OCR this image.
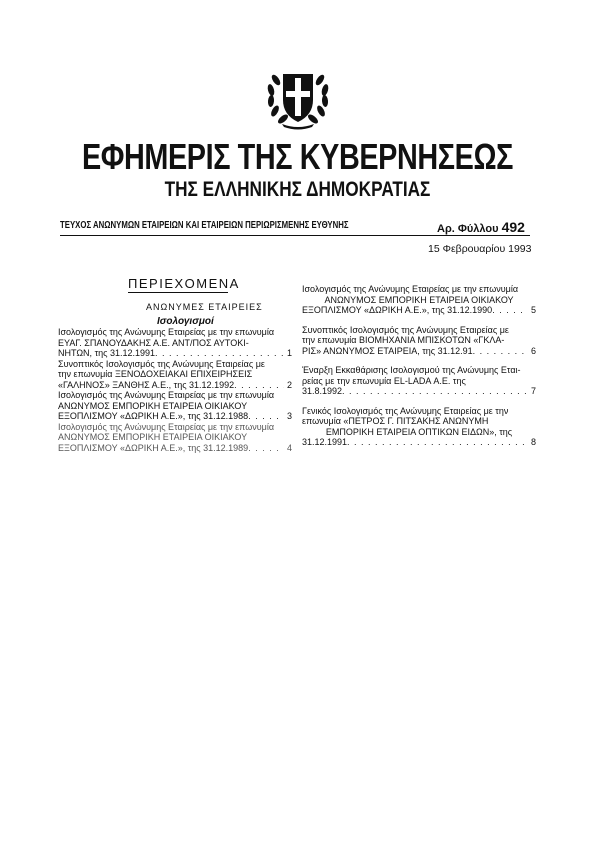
ΕΦΗΜΕΡΙΣ ΤΗΣ ΚΥΒΕΡΝΗΣΕΩΣ
ΤΗΣ ΕΛΛΗΝΙΚΗΣ ΔΗΜΟΚΡΑΤΙΑΣ
ΤΕΥΧΟΣ ΑΝΩΝΥΜΩΝ ΕΤΑΙΡΕΙΩΝ ΚΑΙ ΕΤΑΙΡΕΙΩΝ ΠΕΡΙΩΡΙΣΜΕΝΗΣ ΕΥΘΥΝΗΣ	Αρ. Φύλλου 492
15 Φεβρουαρίου 1993
ΠΕΡΙΕΧΟΜΕΝΑ
ΑΝΩΝΥΜΕΣ ΕΤΑΙΡΕΙΕΣ
Ισολογισμοί
Ισολογισμός της Ανώνυμης Εταιρείας με την επωνυμία
ΕΥΑΓ. ΣΠΑΝΟΥΔΑΚΗΣ Α.Ε. ΑΝΤ/ΠΟΣ ΑΥΤΟΚΙ-
ΝΗΤΩΝ, της 31.12.1991 . . .	1
Συνοπτικός Ισολογισμός της Ανώνυμης Εταιρείας με
την επωνυμία ΞΕΝΟΔΟΧΕΙΑΚΑΙ ΕΠΙΧΕΙΡΗΣΕΙΣ
«ΓΑΛΗΝΟΣ» ΞΑΝΘΗΣ Α.Ε., της 31.12.1992 . . .	2
Ισολογισμός της Ανώνυμης Εταιρείας με την επωνυμία
ΑΝΩΝΥΜΟΣ ΕΜΠΟΡΙΚΗ ΕΤΑΙΡΕΙΑ ΟΙΚΙΑΚΟΥ
ΕΞΟΠΛΙΣΜΟΥ «ΔΩΡΙΚΗ Α.Ε.», της 31.12.1988 . . .	3
Ισολογισμός της Ανώνυμης Εταιρείας με την επωνυμία
ΑΝΩΝΥΜΟΣ ΕΜΠΟΡΙΚΗ ΕΤΑΙΡΕΙΑ ΟΙΚΙΑΚΟΥ
ΕΞΟΠΛΙΣΜΟΥ «ΔΩΡΙΚΗ Α.Ε.», της 31.12.1989 . . .	4
Ισολογισμός της Ανώνυμης Εταιρείας με την επωνυμία
ΑΝΩΝΥΜΟΣ ΕΜΠΟΡΙΚΗ ΕΤΑΙΡΕΙΑ ΟΙΚΙΑΚΟΥ
ΕΞΟΠΛΙΣΜΟΥ «ΔΩΡΙΚΗ Α.Ε.», της 31.12.1990 . . .	5
Συνοπτικός Ισολογισμός της Ανώνυμης Εταιρείας με
την επωνυμία ΒΙΟΜΗΧΑΝΙΑ ΜΠΙΣΚΟΤΩΝ «ΓΚΛΑ-
ΡΙΣ» ΑΝΩΝΥΜΟΣ ΕΤΑΙΡΕΙΑ, της 31.12.91 . . .	6
Έναρξη Εκκαθάρισης Ισολογισμού της Ανώνυμης Εται-
ρείας με την επωνυμία EL-LADA Α.Ε. της
31.8.1992 . . .	7
Γενικός Ισολογισμός της Ανώνυμης Εταιρείας με την
επωνυμία «ΠΕΤΡΟΣ Γ. ΠΙΤΣΑΚΗΣ ΑΝΩΝΥΜΗ
ΕΜΠΟΡΙΚΗ ΕΤΑΙΡΕΙΑ ΟΠΤΙΚΩΝ ΕΙΔΩΝ», της
31.12.1991 . . .	8
